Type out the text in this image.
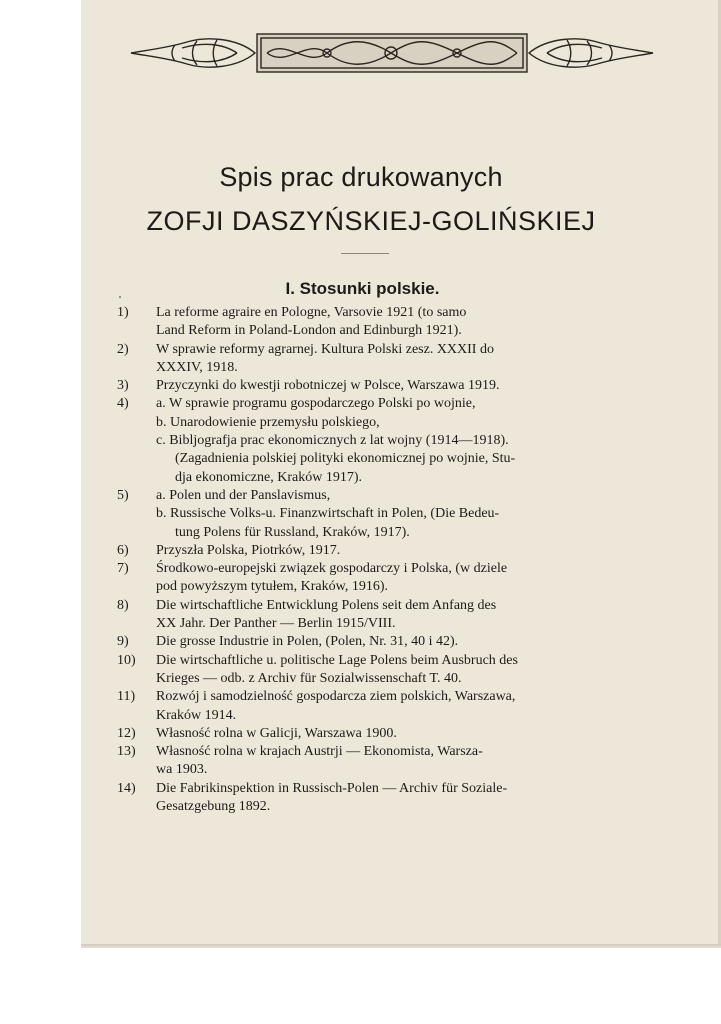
Spis prac drukowanych
ZOFJI DASZYŃSKIEJ-GOLIŃSKIEJ
I. Stosunki polskie.
1)	La reforme agraire en Pologne, Varsovie 1921 (to samo
Land Reform in Poland-London and Edinburgh 1921).
2)	W sprawie reformy agrarnej. Kultura Polski zesz. XXXII do
XXXIV, 1918.
3)	Przyczynki do kwestji robotniczej w Polsce, Warszawa 1919.
4)	a. W sprawie programu gospodarczego Polski po wojnie,
b. Unarodowienie przemysłu polskiego,
c. Bibljografja prac ekonomicznych z lat wojny (1914—1918).
(Zagadnienia polskiej polityki ekonomicznej po wojnie, Stu-
dja ekonomiczne, Kraków 1917).
5)	a. Polen und der Panslavismus,
b. Russische Volks-u. Finanzwirtschaft in Polen, (Die Bedeu-
tung Polens für Russland, Kraków, 1917).
6)	Przyszła Polska, Piotrków, 1917.
7)	Środkowo-europejski związek gospodarczy i Polska, (w dziele
pod powyższym tytułem, Kraków, 1916).
8)	Die wirtschaftliche Entwicklung Polens seit dem Anfang des
XX Jahr. Der Panther — Berlin 1915/VIII.
9)	Die grosse Industrie in Polen, (Polen, Nr. 31, 40 i 42).
10)	Die wirtschaftliche u. politische Lage Polens beim Ausbruch des
Krieges — odb. z Archiv für Sozialwissenschaft T. 40.
11)	Rozwój i samodzielność gospodarcza ziem polskich, Warszawa,
Kraków 1914.
12)	Własność rolna w Galicji, Warszawa 1900.
13)	Własność rolna w krajach Austrji — Ekonomista, Warsza-
wa 1903.
14)	Die Fabrikinspektion in Russisch-Polen — Archiv für Soziale-
Gesatzgebung 1892.
